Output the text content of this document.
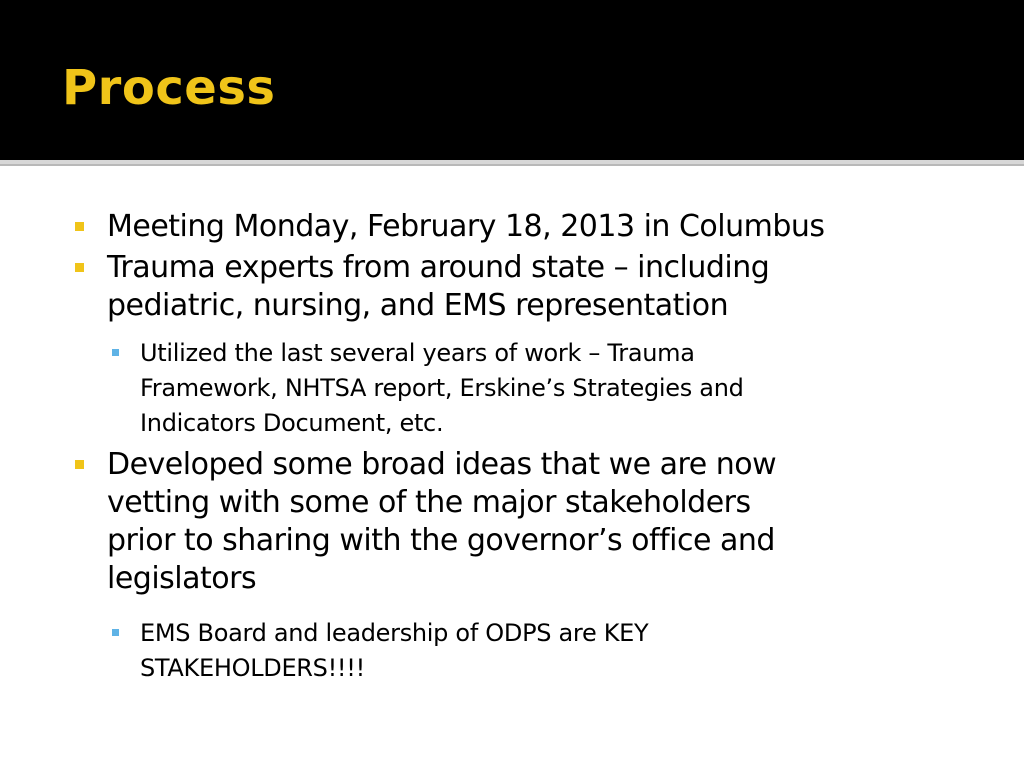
Process
Meeting Monday, February 18, 2013 in Columbus
Trauma experts from around state – including
pediatric, nursing, and EMS representation
Utilized the last several years of work – Trauma
Framework, NHTSA report, Erskine’s Strategies and
Indicators Document, etc.
Developed some broad ideas that we are now
vetting with some of the major stakeholders
prior to sharing with the governor’s office and
legislators
EMS Board and leadership of ODPS are KEY
STAKEHOLDERS!!!!
